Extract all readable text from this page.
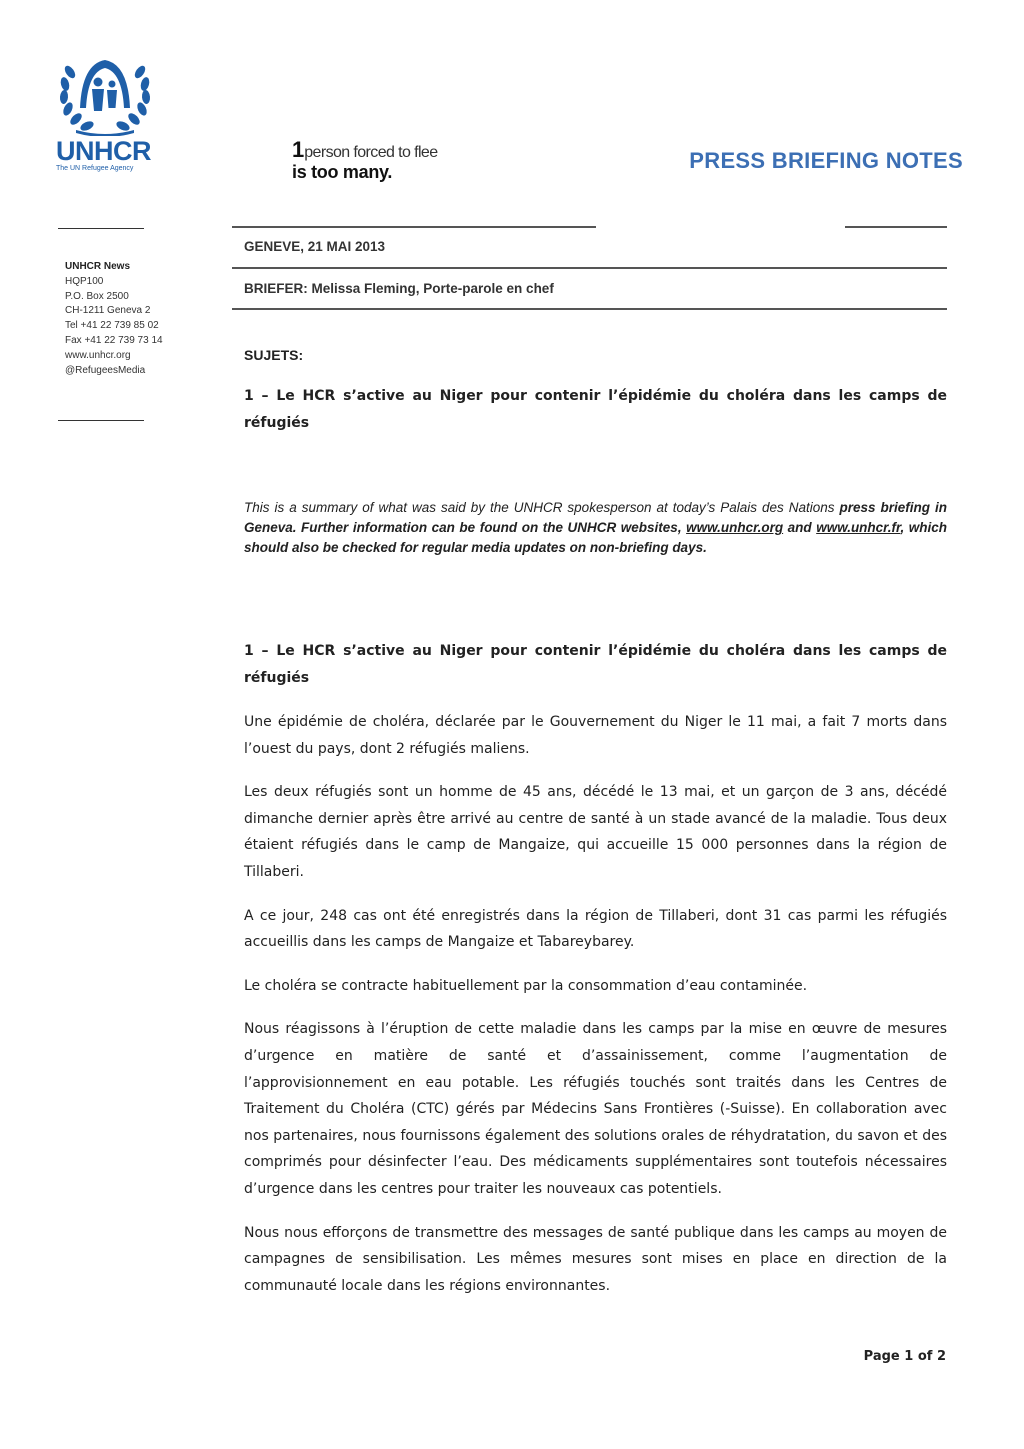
UNHCR
The UN Refugee Agency
1person forced to flee
is too many.	PRESS BRIEFING NOTES
UNHCR News
HQP100
P.O. Box 2500
CH-1211 Geneva 2
Tel +41 22 739 85 02
Fax +41 22 739 73 14
www.unhcr.org
@RefugeesMedia
GENEVE, 21 MAI 2013
BRIEFER: Melissa Fleming, Porte-parole en chef
SUJETS:
1 – Le HCR s’active au Niger pour contenir l’épidémie du choléra dans les camps de réfugiés
This is a summary of what was said by the UNHCR spokesperson at today’s Palais des Nations press briefing in Geneva. Further information can be found on the UNHCR websites, www.unhcr.org and www.unhcr.fr, which should also be checked for regular media updates on non-briefing days.
1 – Le HCR s’active au Niger pour contenir l’épidémie du choléra dans les camps de réfugiés

Une épidémie de choléra, déclarée par le Gouvernement du Niger le 11 mai, a fait 7 morts dans l’ouest du pays, dont 2 réfugiés maliens.

Les deux réfugiés sont un homme de 45 ans, décédé le 13 mai, et un garçon de 3 ans, décédé dimanche dernier après être arrivé au centre de santé à un stade avancé de la maladie. Tous deux étaient réfugiés dans le camp de Mangaize, qui accueille 15 000 personnes dans la région de Tillaberi.

A ce jour, 248 cas ont été enregistrés dans la région de Tillaberi, dont 31 cas parmi les réfugiés accueillis dans les camps de Mangaize et Tabareybarey.

Le choléra se contracte habituellement par la consommation d’eau contaminée.

Nous réagissons à l’éruption de cette maladie dans les camps par la mise en œuvre de mesures d’urgence en matière de santé et d’assainissement, comme l’augmentation de l’approvisionnement en eau potable. Les réfugiés touchés sont traités dans les Centres de Traitement du Choléra (CTC) gérés par Médecins Sans Frontières (-Suisse). En collaboration avec nos partenaires, nous fournissons également des solutions orales de réhydratation, du savon et des comprimés pour désinfecter l’eau. Des médicaments supplémentaires sont toutefois nécessaires d’urgence dans les centres pour traiter les nouveaux cas potentiels.

Nous nous efforçons de transmettre des messages de santé publique dans les camps au moyen de campagnes de sensibilisation. Les mêmes mesures sont mises en place en direction de la communauté locale dans les régions environnantes.

Page 1 of 2
